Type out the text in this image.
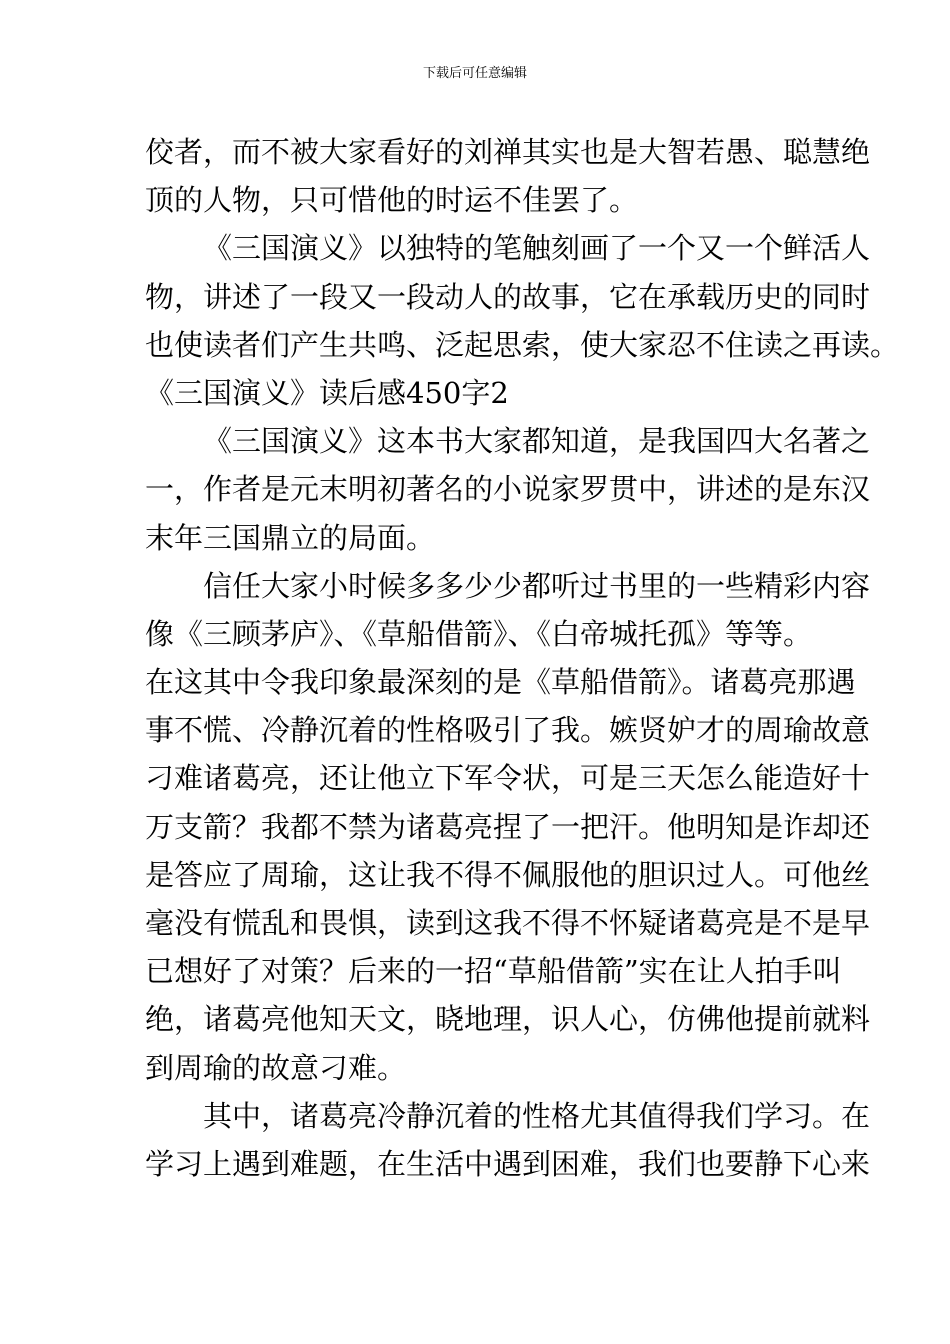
下载后可任意编辑
佼者，而不被大家看好的刘禅其实也是大智若愚、聪慧绝
顶的人物，只可惜他的时运不佳罢了。
《三国演义》以独特的笔触刻画了一个又一个鲜活人
物，讲述了一段又一段动人的故事，它在承载历史的同时
也使读者们产生共鸣、泛起思索，使大家忍不住读之再读。
《三国演义》读后感450字2
《三国演义》这本书大家都知道，是我国四大名著之
一，作者是元末明初著名的小说家罗贯中，讲述的是东汉
末年三国鼎立的局面。
信任大家小时候多多少少都听过书里的一些精彩内容
像《三顾茅庐》、《草船借箭》、《白帝城托孤》等等。
在这其中令我印象最深刻的是《草船借箭》。诸葛亮那遇
事不慌、冷静沉着的性格吸引了我。嫉贤妒才的周瑜故意
刁难诸葛亮，还让他立下军令状，可是三天怎么能造好十
万支箭？我都不禁为诸葛亮捏了一把汗。他明知是诈却还
是答应了周瑜，这让我不得不佩服他的胆识过人。可他丝
毫没有慌乱和畏惧，读到这我不得不怀疑诸葛亮是不是早
已想好了对策？后来的一招“草船借箭”实在让人拍手叫
绝，诸葛亮他知天文，晓地理，识人心，仿佛他提前就料
到周瑜的故意刁难。
其中，诸葛亮冷静沉着的性格尤其值得我们学习。在
学习上遇到难题，在生活中遇到困难，我们也要静下心来
